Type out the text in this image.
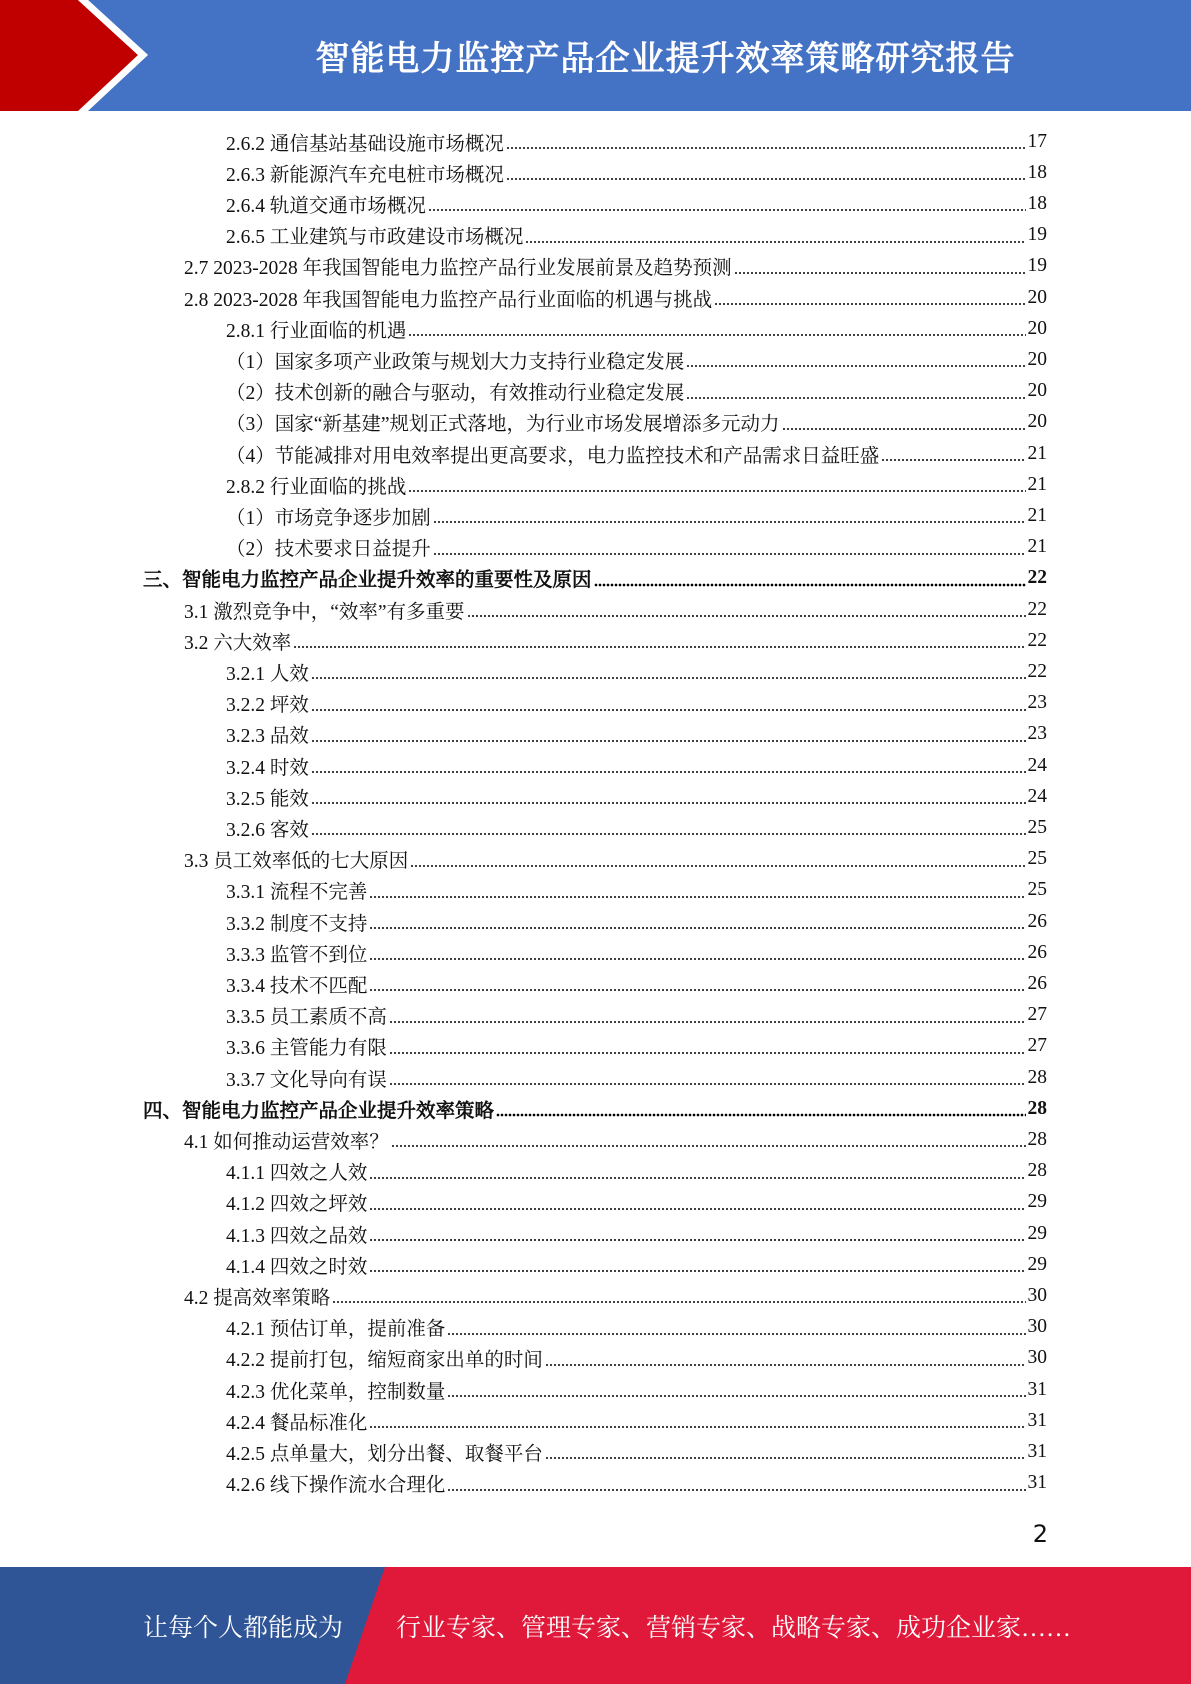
智能电力监控产品企业提升效率策略研究报告
2.6.2 通信基站基础设施市场概况	17
2.6.3 新能源汽车充电桩市场概况	18
2.6.4 轨道交通市场概况	18
2.6.5 工业建筑与市政建设市场概况	19
2.7 2023-2028 年我国智能电力监控产品行业发展前景及趋势预测	19
2.8 2023-2028 年我国智能电力监控产品行业面临的机遇与挑战	20
2.8.1 行业面临的机遇	20
（1）国家多项产业政策与规划大力支持行业稳定发展	20
（2）技术创新的融合与驱动，有效推动行业稳定发展	20
（3）国家“新基建”规划正式落地，为行业市场发展增添多元动力	20
（4）节能减排对用电效率提出更高要求，电力监控技术和产品需求日益旺盛	21
2.8.2 行业面临的挑战	21
（1）市场竞争逐步加剧	21
（2）技术要求日益提升	21
三、智能电力监控产品企业提升效率的重要性及原因	22
3.1 激烈竞争中，“效率”有多重要	22
3.2 六大效率	22
3.2.1 人效	22
3.2.2 坪效	23
3.2.3 品效	23
3.2.4 时效	24
3.2.5 能效	24
3.2.6 客效	25
3.3 员工效率低的七大原因	25
3.3.1 流程不完善	25
3.3.2 制度不支持	26
3.3.3 监管不到位	26
3.3.4 技术不匹配	26
3.3.5 员工素质不高	27
3.3.6 主管能力有限	27
3.3.7 文化导向有误	28
四、智能电力监控产品企业提升效率策略	28
4.1 如何推动运营效率？	28
4.1.1 四效之人效	28
4.1.2 四效之坪效	29
4.1.3 四效之品效	29
4.1.4 四效之时效	29
4.2 提高效率策略	30
4.2.1 预估订单，提前准备	30
4.2.2 提前打包，缩短商家出单的时间	30
4.2.3 优化菜单，控制数量	31
4.2.4 餐品标准化	31
4.2.5 点单量大，划分出餐、取餐平台	31
4.2.6 线下操作流水合理化	31
2
让每个人都能成为 行业专家、管理专家、营销专家、战略专家、成功企业家……
